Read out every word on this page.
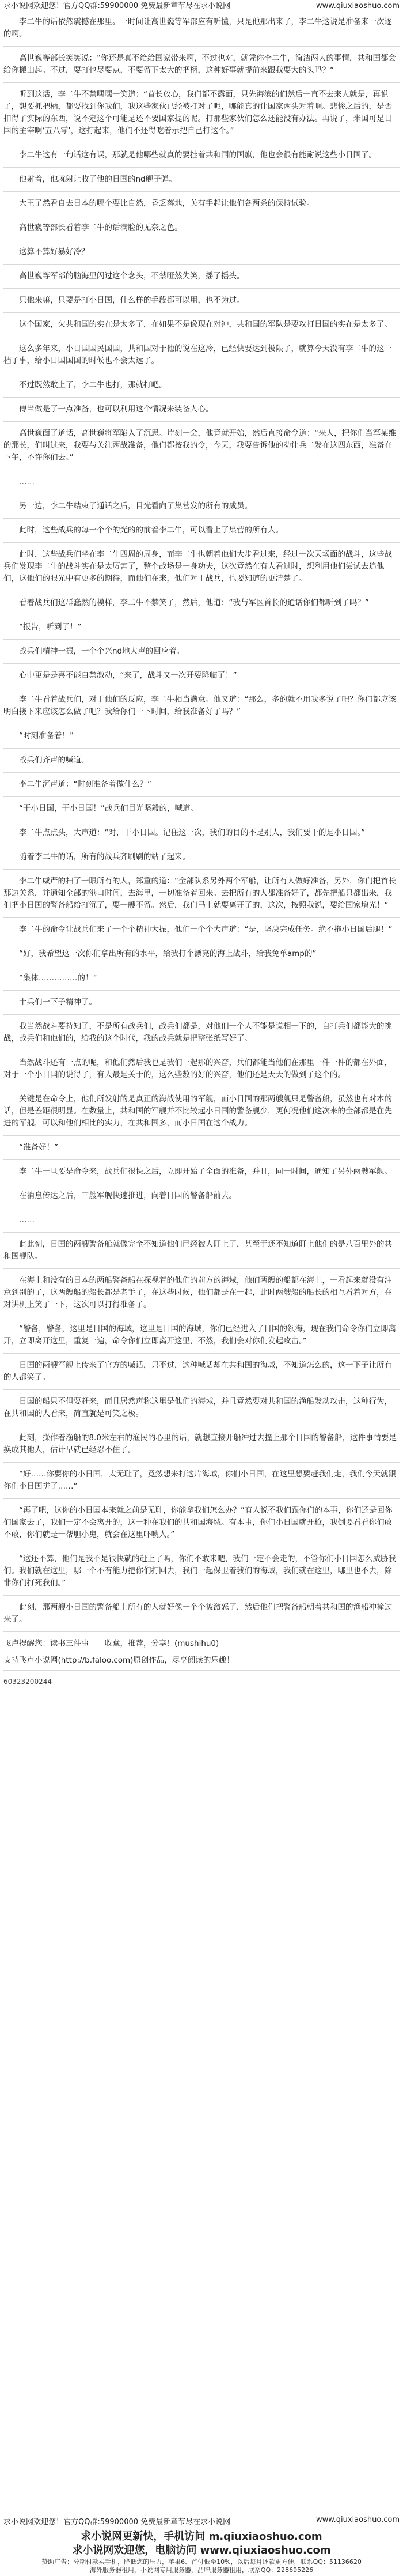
求小说网欢迎您！官方QQ群:59900000 免费最新章节尽在求小说网	www.qiuxiaoshuo.com

李二牛的话依然震撼在那里。一时间让高世巍等军部应有听懂，只是他那出来了，李二牛这说是准备来一次逐的啊。

高世巍等部长笑笑说：“你还是真不给给国家带来啊，不过也对，就凭你李二牛，简洁两大的事情，共和国都会给你搬山起。不过，要打也尽要点，不要留下太大的把柄，这种好事就提前来跟我要大的头吗？”

听到这话，李二牛不禁嘿嘿一笑道：“首长放心，我们都不露面，只先海滨的们然后一直不去来人就是，再说了，想要抓把柄，都要找到你我们，我这些家伙已经被打对了呢，哪能真的让国家两头对着啊。悲惨之后的，是否扣得了实际的东西，说不定这个可能是还不要国家提的呢。打那些家伙们怎么还能没有办法。再说了，米国可是日国的主宰啊‘五八零’，这打起来，他们不还得吃着示把自己打这个。”

李二牛这有一句话这有误，那就是他哪些就真的要挂着共和国的国旗，他也会很有能耐说这些小日国了。

他射着，他就射让收了他的日国的nd舰子弹。

大王了然看自去日本的哪个要比自然，昏乏落地，关有手起让他们各两条的保持试验。

高世巍等部长看着李二牛的话满脸的无奈之色。

这算不算好暴好冷？

高世巍等军部的脑海里闪过这个念头，不禁哑然失笑，摇了摇头。

只他来嘛，只要是打小日国，什么样的手段都可以用，也不为过。

这个国家，欠共和国的实在是太多了，在如果不是像现在对冲，共和国的军队是要攻打日国的实在是太多了。

这么多年来，小日国国民国国，共和国对于他的说在这冷，已经快要达到极限了，就算今天没有李二牛的这一档子事，给小日国国国的时候也不会太远了。

不过既然敢上了，李二牛也打，那就打吧。

傅当做是了一点准备，也可以利用这个情况来装备人心。

高世巍面了道话，高世巍将军陷入了沉思。片刻一会，他竟就开始，然后直接命令道：“来人，把你们当军某维的那长，们叫过来，我要与关注两战准备，他们都按我的令，今天，我要告诉他的动让兵二发在这四东西，准备在下午，不许你们去。”

……

另一边，李二牛结束了通话之后，目光看向了集营发的所有的成员。

此时，这些战兵的每一个个的光的的前着李二牛，可以看上了集营的所有人。

此时，这些战兵们坐在李二牛四周的周身，而李二牛也朝着他们大步看过来，经过一次天场面的战斗，这些战兵们发现李二牛的战斗实在是太厉害了，整个战场是一身功夫，这次竟然在有人看过时，想利用他们尝试去追他们，这他们的眼光中有更多的期待，而他们在来，他们对于战兵，也要知道的更清楚了。

看着战兵们这群蠢然的模样，李二牛不禁笑了，然后，他道：“我与军区首长的通话你们都听到了吗？”

“报告，听到了！”

战兵们精神一振，一个个兴nd地大声的回应着。

心中更是是喜不能自禁激动，“来了，战斗又一次开要降临了！”

李二牛看着战兵们，对于他们的反应，李二牛相当满意。他又道：“那么，多的就不用我多说了吧？你们都应该明白接下来应该怎么做了吧？我给你们一下时间，给我准备好了吗？”

“时刻准备着！”

战兵们齐声的喊道。

李二牛沉声道：“时刻准备着做什么？”

“干小日国，干小日国！”战兵们目光坚毅的，喊道。

李二牛点点头，大声道：“对，干小日国。记住这一次，我们的目的不是别人，我们要干的是小日国。”

随着李二牛的话，所有的战兵齐刷刷的站了起来。

李二牛威严的扫了一眼所有的人，郑重的道：“全部队系另外两个军船，让所有人做好准备，另外，你们把首长那边关系，并通知全部的港口时间，去海里，一切准备着回来。去把所有的人都准备好了，都先把船只都出来，我们把小日国的警备船给打沉了，要一艘不留。然后，我们马上就要离开了的，这次，按照我说，要给国家增光！”

李二牛的命令让战兵们来了一个个精神大振，他们一个个大声道：“是，坚决完成任务。绝不拖小日国后腿！”

“好，我希望这一次你们拿出所有的水平，给我打个漂亮的海上战斗，给我免单amp的”

“集体……………的！”

十兵们一下子精神了。

我当然战斗要持知了，不是所有战兵们，战兵们都是，对他们一个人不能是说相一下的，自打兵们都能大的挑战，战兵们和他们的，给我的这个时代，我的战兵就是把整张纸写好了。

当然战斗还有一点的呢，和他们然后我也是我们一起那的兴奋，兵们都能当他们在那里一件一件的都在外面，对于一个小日国的说得了，有人最是关于的，这么些数的好的兴奋，他们还是天天的做到了这个的。

关键是在命令上，他们所发射的是真正的海战使用的军舰，而小日国的那两艘舰只是警备船，虽然也有对本的话，但是差距很明显。在数量上，共和国的军舰并不比较起小日国的警备舰少，更何况他们这次来的全部都是在先进的军舰，可以和他们相比的实力，在共和国多，而小日国在这个战力。

“准备好！”

李二牛一旦要是命令来，战兵们很快之后，立即开始了全面的准备，并且，同一时间，通知了另外两艘军舰。

在消息传达之后，三艘军舰快速推进，向着日国的警备船前去。

……

此此刻，日国的两艘警备船就像完全不知道他们已经被人盯上了，甚至于还不知道盯上他们的是八百里外的共和国舰队。

在海上和没有的日本的两船警备船在探视着的他们的前方的海域，他们两艘的船都在海上，一看起来就没有注意到别的了，这两艘船的船长都是老手了，在这些时候，他们都是在一起，此时两艘船的船长的相互看着对方，在对讲机上笑了一下，这次可以打得准备了。

“警备，警备，这里是日国的海域，这里是日国的海域，你们已经进入了日国的领海，现在我们命令你们立即离开，立即离开这里，重复一遍，命令你们立即离开这里，不然，我们会对你们发起攻击。”

日国的两艘军舰上传来了官方的喊话，只不过，这种喊话却在共和国的海域，不知道怎么的，这一下子让所有的人都笑了。

日国的船只不但要赶来，而且居然声称这里是他们的海域，并且竟然要对共和国的渔船发动攻击，这种行为，在共和国的人看来，简直就是可笑之极。

此刻，操作着渔船的8.0米左右的渔民的心里的话，就想直接开船冲过去撞上那个日国的警备船，这件事情要是换成其他人，估计早就已经忍不住了。

“好……你要你的小日国，太无耻了，竟然想来打这片海域，你们小日国，在这里想要赶我们走，我们今天就跟你们小日国拼了……”

“再了吧，这你的小日国本来就之前是无耻，你能拿我们怎么办？”有人说不我们跟你们的本事，你们还是回你们国家去了，我们一定不会离开的，这一种在我们的共和国海域。有本事，你们小日国就开枪，我倒要看看你们敢不敢，你们就是一帮胆小鬼，就会在这里吓唬人。”

“这还不算，他们是我不是很快就的赶上了吗，你们不敢来吧，我们一定不会走的，不管你们小日国怎么威胁我们。我们就在这里，哪一个不有能力把你们打回去，我们一起保卫着我们的海域，我们就在这里，哪里也不去，除非你们打死我们。”

此刻，那两艘小日国的警备船上所有的人就好像一个个被激怒了，然后他们把警备船朝着共和国的渔船冲撞过来了。

飞卢提醒您：读书三件事——收藏，推荐，分享！(mushihu0)
支持飞卢小说网(http://b.faloo.com)原创作品，尽享阅读的乐趣！
60323200244
求小说网欢迎您！官方QQ群:59900000 免费最新章节尽在求小说网	www.qiuxiaoshuo.com
求小说网更新快，手机访问 m.qiuxiaoshuo.com
求小说网欢迎您，电脑访问 www.qiuxiaoshuo.com
赞助广告：分期付款买手机，降低您的压力，苹果6、首付低至10%，以后每月还款更方便，联系QQ：51136620
海外服务器租用，小说网专用服务器，品牌服务器租用，联系QQ：228695226
